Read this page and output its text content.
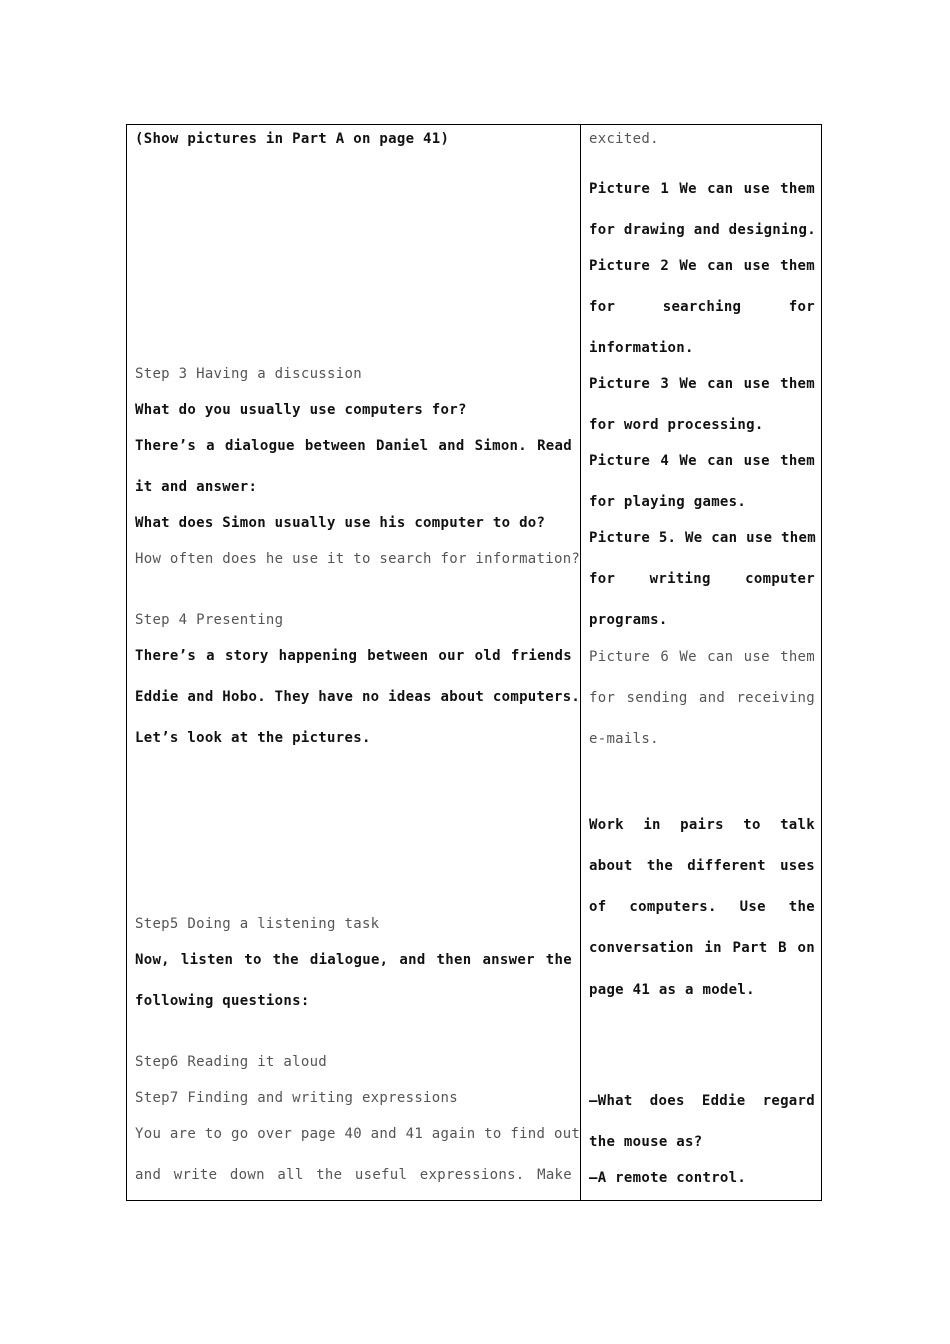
(Show pictures in Part A on page 41)
Step 3 Having a discussion
What do you usually use computers for?
There’s a dialogue between Daniel and Simon. Read
it and answer:
What does Simon usually use his computer to do?
How often does he use it to search for information?
Step 4 Presenting
There’s a story happening between our old friends
Eddie and Hobo. They have no ideas about computers.
Let’s look at the pictures.
Step5 Doing a listening task
Now, listen to the dialogue, and then answer the
following questions:
Step6 Reading it aloud
Step7 Finding and writing expressions
You are to go over page 40 and 41 again to find out
and write down all the useful expressions. Make
excited.
Picture 1 We can use them
for drawing and designing.
Picture 2 We can use them
for searching for
information.
Picture 3 We can use them
for word processing.
Picture 4 We can use them
for playing games.
Picture 5. We can use them
for writing computer
programs.
Picture 6 We can use them
for sending and receiving
e-mails.
Work in pairs to talk
about the different uses
of computers. Use the
conversation in Part B on
page 41 as a model.
—What does Eddie regard
the mouse as?
—A remote control.
